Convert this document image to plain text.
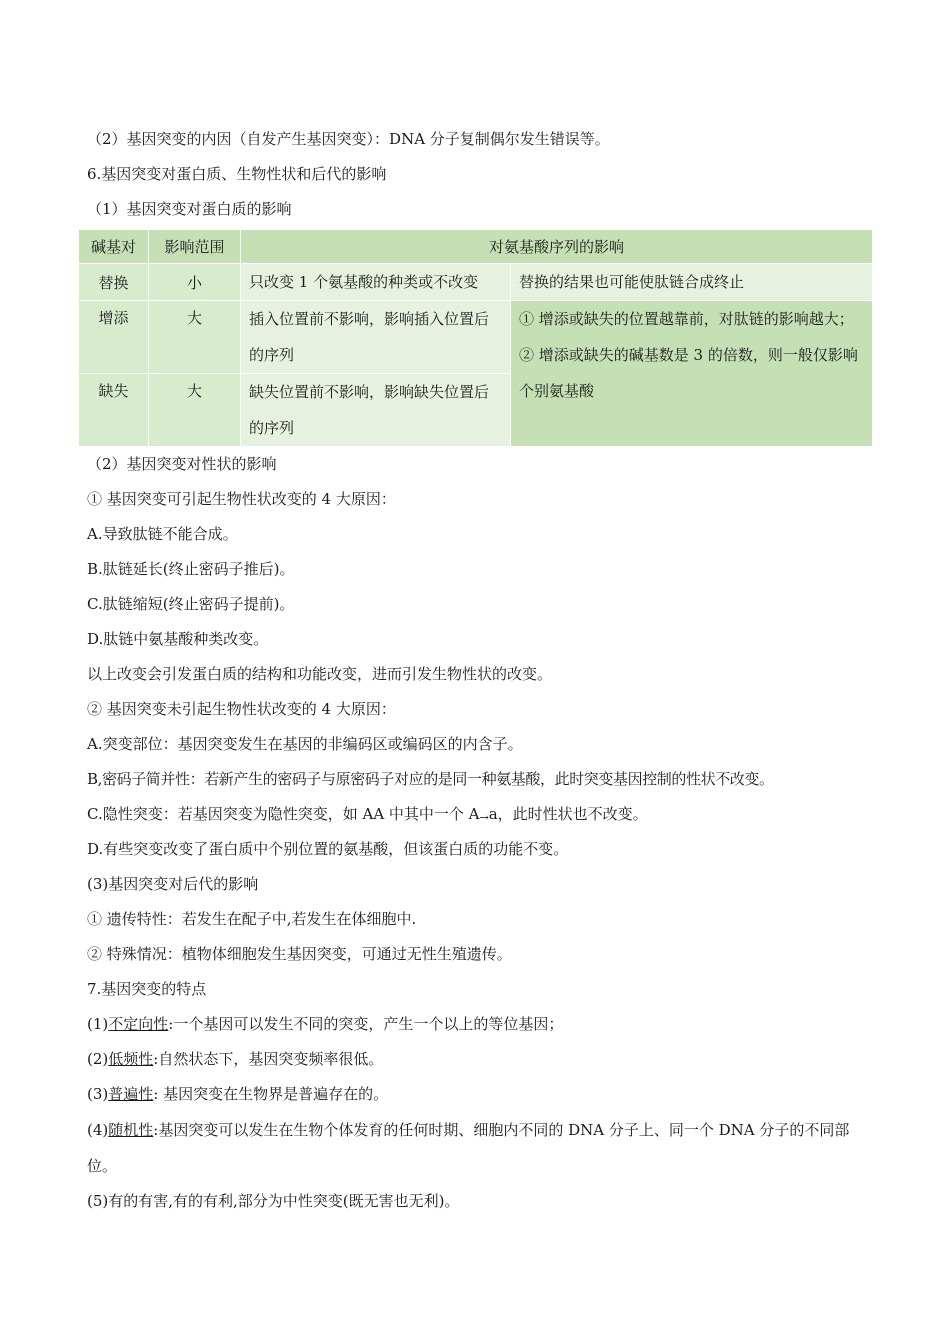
（2）基因突变的内因（自发产生基因突变）：DNA 分子复制偶尔发生错误等。
6.基因突变对蛋白质、生物性状和后代的影响
（1）基因突变对蛋白质的影响
碱基对	影响范围	对氨基酸序列的影响	
替换	小	只改变 1 个氨基酸的种类或不改变	替换的结果也可能使肽链合成终止
增添	大	插入位置前不影响，影响插入位置后的序列	① 增添或缺失的位置越靠前，对肽链的影响越大；
② 增添或缺失的碱基数是 3 的倍数，则一般仅影响个别氨基酸

缺失	大	缺失位置前不影响，影响缺失位置后的序列	
（2）基因突变对性状的影响
① 基因突变可引起生物性状改变的 4 大原因：
A.导致肽链不能合成。
B.肽链延长(终止密码子推后)。
C.肽链缩短(终止密码子提前)。
D.肽链中氨基酸种类改变。
以上改变会引发蛋白质的结构和功能改变，进而引发生物性状的改变。
② 基因突变未引起生物性状改变的 4 大原因：
A.突变部位：基因突变发生在基因的非编码区或编码区的内含子。
B,密码子简并性：若新产生的密码子与原密码子对应的是同一种氨基酸，此时突变基因控制的性状不改变。
C.隐性突变：若基因突变为隐性突变，如 AA 中其中一个 A→a，此时性状也不改变。
D.有些突变改变了蛋白质中个别位置的氨基酸，但该蛋白质的功能不变。
(3)基因突变对后代的影响
① 遗传特性：若发生在配子中,若发生在体细胞中.
② 特殊情况：植物体细胞发生基因突变，可通过无性生殖遗传。
7.基因突变的特点
(1)不定向性:一个基因可以发生不同的突变，产生一个以上的等位基因；
(2)低频性:自然状态下，基因突变频率很低。
(3)普遍性: 基因突变在生物界是普遍存在的。
(4)随机性:基因突变可以发生在生物个体发育的任何时期、细胞内不同的 DNA 分子上、同一个 DNA 分子的不同部位。
(5)有的有害,有的有利,部分为中性突变(既无害也无利)。
